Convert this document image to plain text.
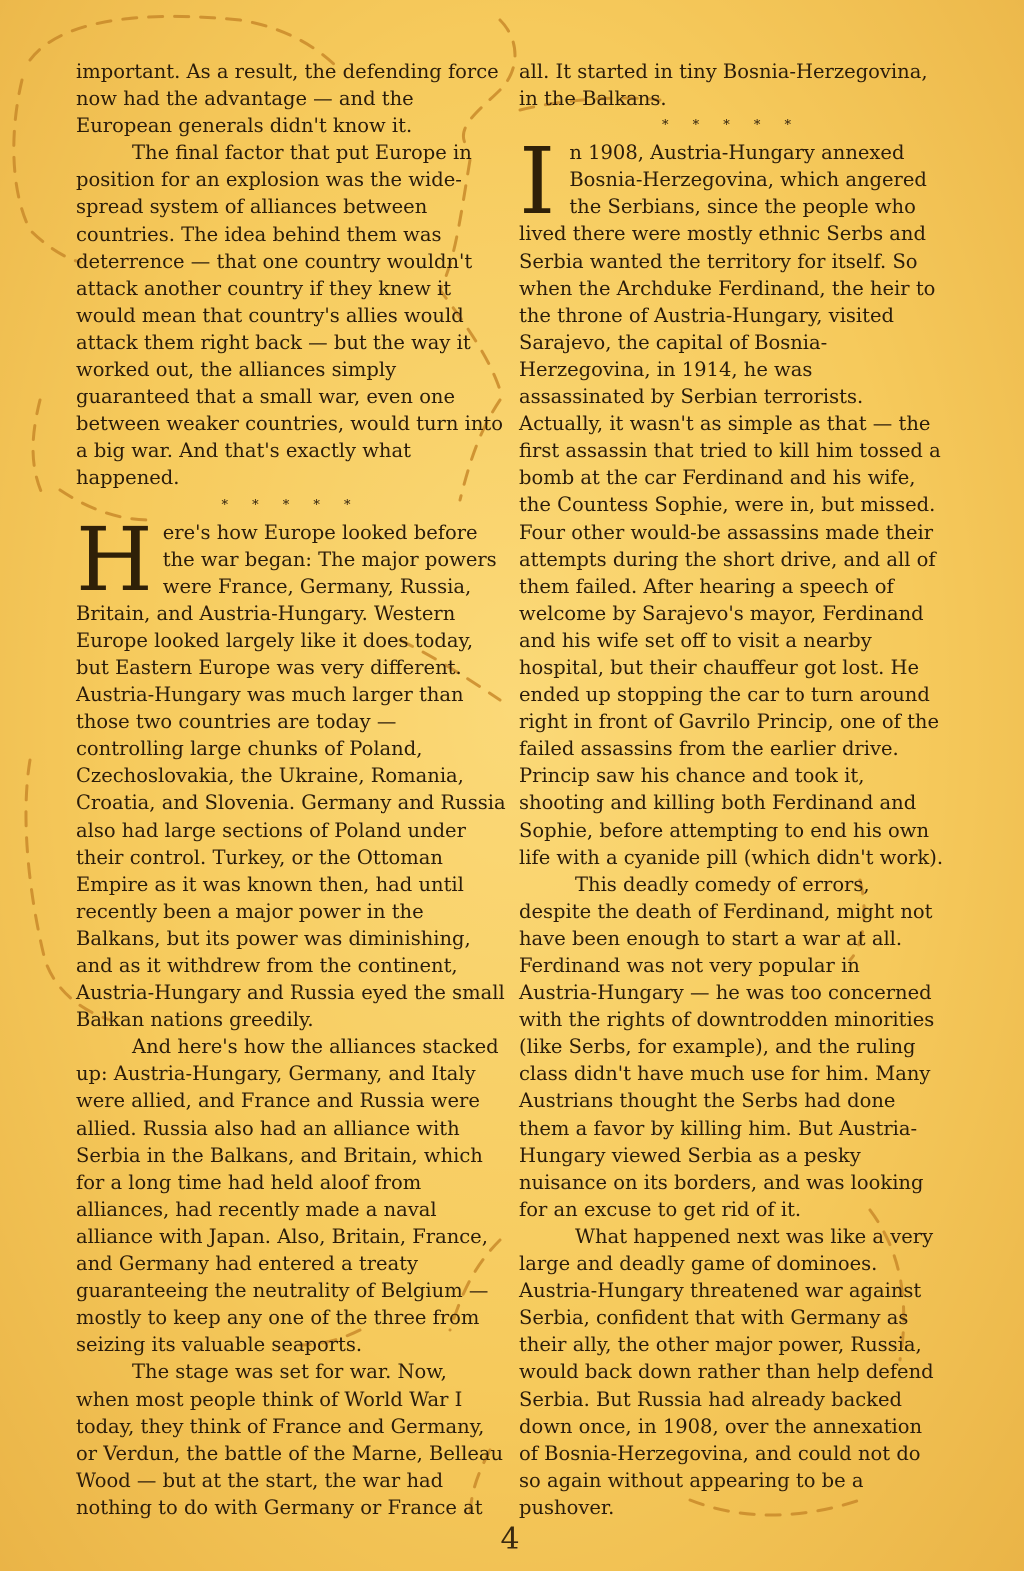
important. As a result, the defending force now had the advantage — and the European generals didn't know it.

The final factor that put Europe in position for an explosion was the wide-spread system of alliances between countries. The idea behind them was deterrence — that one country wouldn't attack another country if they knew it would mean that country's allies would attack them right back — but the way it worked out, the alliances simply guaranteed that a small war, even one between weaker countries, would turn into a big war. And that's exactly what happened.

* * * * *

Here's how Europe looked before the war began: The major powers were France, Germany, Russia, Britain, and Austria-Hungary. Western Europe looked largely like it does today, but Eastern Europe was very different. Austria-Hungary was much larger than those two countries are today — controlling large chunks of Poland, Czechoslovakia, the Ukraine, Romania, Croatia, and Slovenia. Germany and Russia also had large sections of Poland under their control. Turkey, or the Ottoman Empire as it was known then, had until recently been a major power in the Balkans, but its power was diminishing, and as it withdrew from the continent, Austria-Hungary and Russia eyed the small Balkan nations greedily.

And here's how the alliances stacked up: Austria-Hungary, Germany, and Italy were allied, and France and Russia were allied. Russia also had an alliance with Serbia in the Balkans, and Britain, which for a long time had held aloof from alliances, had recently made a naval alliance with Japan. Also, Britain, France, and Germany had entered a treaty guaranteeing the neutrality of Belgium — mostly to keep any one of the three from seizing its valuable seaports.

The stage was set for war. Now, when most people think of World War I today, they think of France and Germany, or Verdun, the battle of the Marne, Belleau Wood — but at the start, the war had nothing to do with Germany or France at

all. It started in tiny Bosnia-Herzegovina, in the Balkans.

* * * * *

In 1908, Austria-Hungary annexed Bosnia-Herzegovina, which angered the Serbians, since the people who lived there were mostly ethnic Serbs and Serbia wanted the territory for itself. So when the Archduke Ferdinand, the heir to the throne of Austria-Hungary, visited Sarajevo, the capital of Bosnia-Herzegovina, in 1914, he was assassinated by Serbian terrorists. Actually, it wasn't as simple as that — the first assassin that tried to kill him tossed a bomb at the car Ferdinand and his wife, the Countess Sophie, were in, but missed. Four other would-be assassins made their attempts during the short drive, and all of them failed. After hearing a speech of welcome by Sarajevo's mayor, Ferdinand and his wife set off to visit a nearby hospital, but their chauffeur got lost. He ended up stopping the car to turn around right in front of Gavrilo Princip, one of the failed assassins from the earlier drive. Princip saw his chance and took it, shooting and killing both Ferdinand and Sophie, before attempting to end his own life with a cyanide pill (which didn't work).

This deadly comedy of errors, despite the death of Ferdinand, might not have been enough to start a war at all. Ferdinand was not very popular in Austria-Hungary — he was too concerned with the rights of downtrodden minorities (like Serbs, for example), and the ruling class didn't have much use for him. Many Austrians thought the Serbs had done them a favor by killing him. But Austria-Hungary viewed Serbia as a pesky nuisance on its borders, and was looking for an excuse to get rid of it.

What happened next was like a very large and deadly game of dominoes. Austria-Hungary threatened war against Serbia, confident that with Germany as their ally, the other major power, Russia, would back down rather than help defend Serbia. But Russia had already backed down once, in 1908, over the annexation of Bosnia-Herzegovina, and could not do so again without appearing to be a pushover.

4
